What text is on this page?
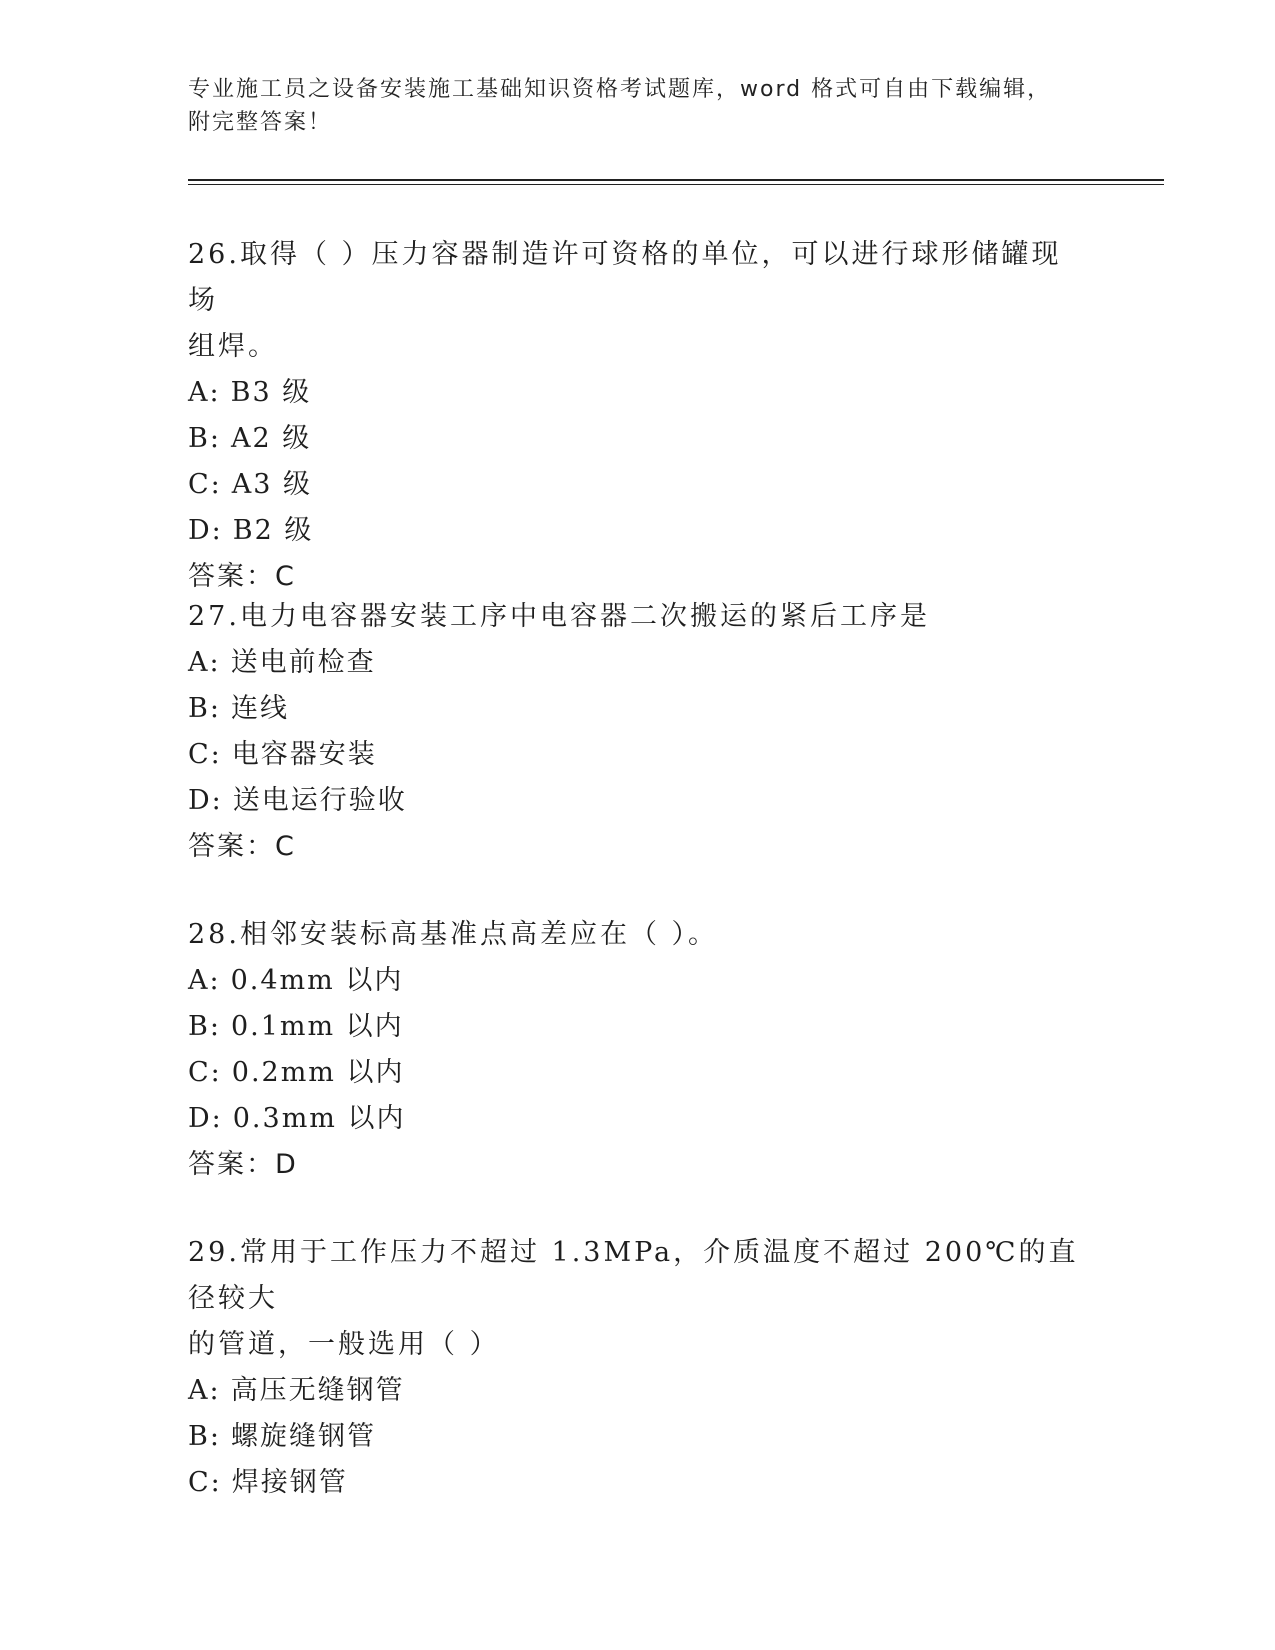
专业施工员之设备安装施工基础知识资格考试题库，word 格式可自由下载编辑，
附完整答案！

26.取得（ ）压力容器制造许可资格的单位，可以进行球形储罐现场

组焊。

A: B3 级

B: A2 级

C: A3 级

D: B2 级

答案：C

27.电力电容器安装工序中电容器二次搬运的紧后工序是

A: 送电前检查

B: 连线

C: 电容器安装

D: 送电运行验收

答案：C

28.相邻安装标高基准点高差应在（ ）。

A: 0.4mm 以内

B: 0.1mm 以内

C: 0.2mm 以内

D: 0.3mm 以内

答案：D

29.常用于工作压力不超过 1.3MPa，介质温度不超过 200℃的直径较大

的管道，一般选用（ ）

A: 高压无缝钢管

B: 螺旋缝钢管

C: 焊接钢管
